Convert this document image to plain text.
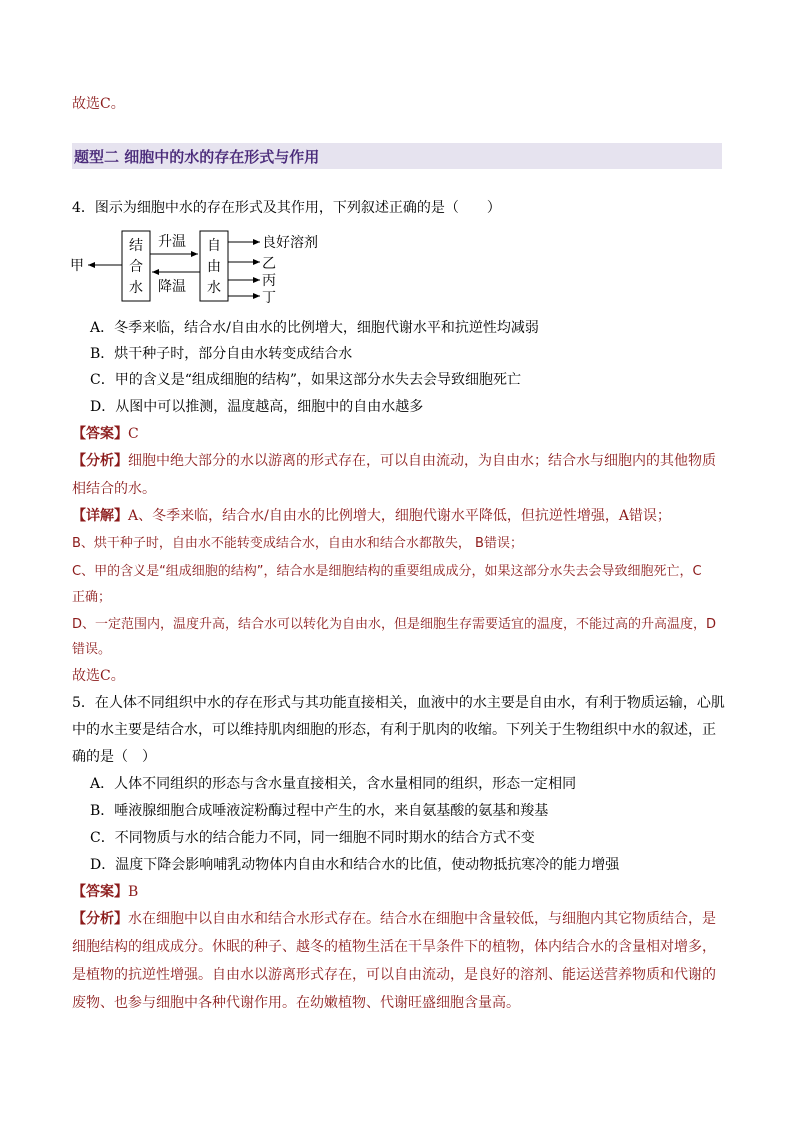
故选C。
题型二 细胞中的水的存在形式与作用
4．图示为细胞中水的存在形式及其作用，下列叙述正确的是（　　）
甲
结
合
水
升温
降温
自
由
水
良好溶剂
乙
丙
丁
A．冬季来临，结合水/自由水的比例增大，细胞代谢水平和抗逆性均减弱
B．烘干种子时，部分自由水转变成结合水
C．甲的含义是“组成细胞的结构”，如果这部分水失去会导致细胞死亡
D．从图中可以推测，温度越高，细胞中的自由水越多
【答案】C
【分析】细胞中绝大部分的水以游离的形式存在，可以自由流动，为自由水；结合水与细胞内的其他物质
相结合的水。
【详解】A、冬季来临，结合水/自由水的比例增大，细胞代谢水平降低，但抗逆性增强，A错误；
B、烘干种子时，自由水不能转变成结合水，自由水和结合水都散失， B错误；
C、甲的含义是“组成细胞的结构”，结合水是细胞结构的重要组成成分，如果这部分水失去会导致细胞死亡，C
正确；
D、一定范围内，温度升高，结合水可以转化为自由水，但是细胞生存需要适宜的温度，不能过高的升高温度，D
错误。
故选C。
5．在人体不同组织中水的存在形式与其功能直接相关，血液中的水主要是自由水，有利于物质运输，心肌
中的水主要是结合水，可以维持肌肉细胞的形态，有利于肌肉的收缩。下列关于生物组织中水的叙述，正
确的是（　）
A．人体不同组织的形态与含水量直接相关，含水量相同的组织，形态一定相同
B．唾液腺细胞合成唾液淀粉酶过程中产生的水，来自氨基酸的氨基和羧基
C．不同物质与水的结合能力不同，同一细胞不同时期水的结合方式不变
D．温度下降会影响哺乳动物体内自由水和结合水的比值，使动物抵抗寒冷的能力增强
【答案】B
【分析】水在细胞中以自由水和结合水形式存在。结合水在细胞中含量较低，与细胞内其它物质结合，是
细胞结构的组成成分。休眠的种子、越冬的植物生活在干旱条件下的植物，体内结合水的含量相对增多，
是植物的抗逆性增强。自由水以游离形式存在，可以自由流动，是良好的溶剂、能运送营养物质和代谢的
废物、也参与细胞中各种代谢作用。在幼嫩植物、代谢旺盛细胞含量高。
